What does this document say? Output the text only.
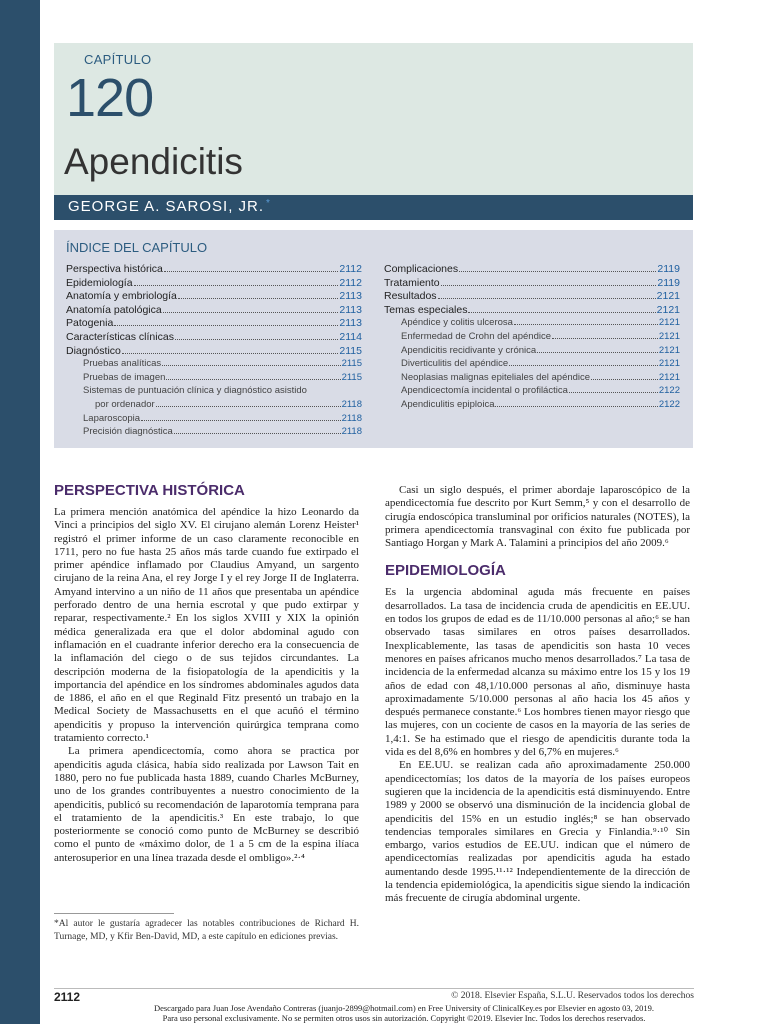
CAPÍTULO
120
Apendicitis
GEORGE A. SAROSI, JR. *
ÍNDICE DEL CAPÍTULO
Perspectiva histórica	2112
Epidemiología	2112
Anatomía y embriología	2113
Anatomía patológica	2113
Patogenia	2113
Características clínicas	2114
Diagnóstico	2115
Pruebas analíticas	2115
Pruebas de imagen	2115
Sistemas de puntuación clínica y diagnóstico asistido
por ordenador	2118
Laparoscopia	2118
Precisión diagnóstica	2118
Complicaciones	2119
Tratamiento	2119
Resultados	2121
Temas especiales	2121
Apéndice y colitis ulcerosa	2121
Enfermedad de Crohn del apéndice	2121
Apendicitis recidivante y crónica	2121
Diverticulitis del apéndice	2121
Neoplasias malignas epiteliales del apéndice	2121
Apendicectomía incidental o profiláctica	2122
Apendiculitis epiploica	2122
PERSPECTIVA HISTÓRICA

La primera mención anatómica del apéndice la hizo Leonardo da Vinci a principios del siglo XV. El cirujano alemán Lorenz Heister¹ registró el primer informe de un caso claramente reconocible en 1711, pero no fue hasta 25 años más tarde cuando fue extirpado el primer apéndice inflamado por Claudius Amyand, un sargento cirujano de la reina Ana, el rey Jorge I y el rey Jorge II de Inglaterra. Amyand intervino a un niño de 11 años que presentaba un apéndice perforado dentro de una hernia escrotal y que pudo extirpar y reparar, respectivamente.² En los siglos XVIII y XIX la opinión médica generalizada era que el dolor abdominal agudo con inflamación en el cuadrante inferior derecho era la consecuencia de la inflamación del ciego o de sus tejidos circundantes. La descripción moderna de la fisiopatología de la apendicitis y la importancia del apéndice en los síndromes abdominales agudos data de 1886, el año en el que Reginald Fitz presentó un trabajo en la Medical Society de Massachusetts en el que acuñó el término apendicitis y propuso la intervención quirúrgica temprana como tratamiento correcto.¹

La primera apendicectomía, como ahora se practica por apendicitis aguda clásica, había sido realizada por Lawson Tait en 1880, pero no fue publicada hasta 1889, cuando Charles McBurney, uno de los grandes contribuyentes a nuestro conocimiento de la apendicitis, publicó su recomendación de laparotomía temprana para el tratamiento de la apendicitis.³ En este trabajo, lo que posteriormente se conoció como punto de McBurney se describió como el punto de «máximo dolor, de 1 a 5 cm de la espina ilíaca anterosuperior en una línea trazada desde el ombligo».²·⁴

Casi un siglo después, el primer abordaje laparoscópico de la apendicectomía fue descrito por Kurt Semm,⁵ y con el desarrollo de cirugía endoscópica transluminal por orificios naturales (NOTES), la primera apendicectomía transvaginal con éxito fue publicada por Santiago Horgan y Mark A. Talamini a principios del año 2009.⁶

EPIDEMIOLOGÍA

Es la urgencia abdominal aguda más frecuente en países desarrollados. La tasa de incidencia cruda de apendicitis en EE.UU. en todos los grupos de edad es de 11/10.000 personas al año;⁶ se han observado tasas similares en otros países desarrollados. Inexplicablemente, las tasas de apendicitis son hasta 10 veces menores en países africanos mucho menos desarrollados.⁷ La tasa de incidencia de la enfermedad alcanza su máximo entre los 15 y los 19 años de edad con 48,1/10.000 personas al año, disminuye hasta aproximadamente 5/10.000 personas al año hacia los 45 años y después permanece constante.⁶ Los hombres tienen mayor riesgo que las mujeres, con un cociente de casos en la mayoría de las series de 1,4:1. Se ha estimado que el riesgo de apendicitis durante toda la vida es del 8,6% en hombres y del 6,7% en mujeres.⁶

En EE.UU. se realizan cada año aproximadamente 250.000 apendicectomías; los datos de la mayoría de los países europeos sugieren que la incidencia de la apendicitis está disminuyendo. Entre 1989 y 2000 se observó una disminución de la incidencia global de apendicitis del 15% en un estudio inglés;⁸ se han observado tendencias temporales similares en Grecia y Finlandia.⁹·¹⁰ Sin embargo, varios estudios de EE.UU. indican que el número de apendicectomías realizadas por apendicitis aguda ha estado aumentando desde 1995.¹¹·¹² Independientemente de la dirección de la tendencia epidemiológica, la apendicitis sigue siendo la indicación más frecuente de cirugía abdominal urgente.

*Al autor le gustaría agradecer las notables contribuciones de Richard H. Turnage, MD, y Kfir Ben-David, MD, a este capítulo en ediciones previas.
2112	© 2018. Elsevier España, S.L.U. Reservados todos los derechos
Descargado para Juan Jose Avendaño Contreras (juanjo-2899@hotmail.com) en Free University of ClinicalKey.es por Elsevier en agosto 03, 2019.
Para uso personal exclusivamente. No se permiten otros usos sin autorización. Copyright ©2019. Elsevier Inc. Todos los derechos reservados.
